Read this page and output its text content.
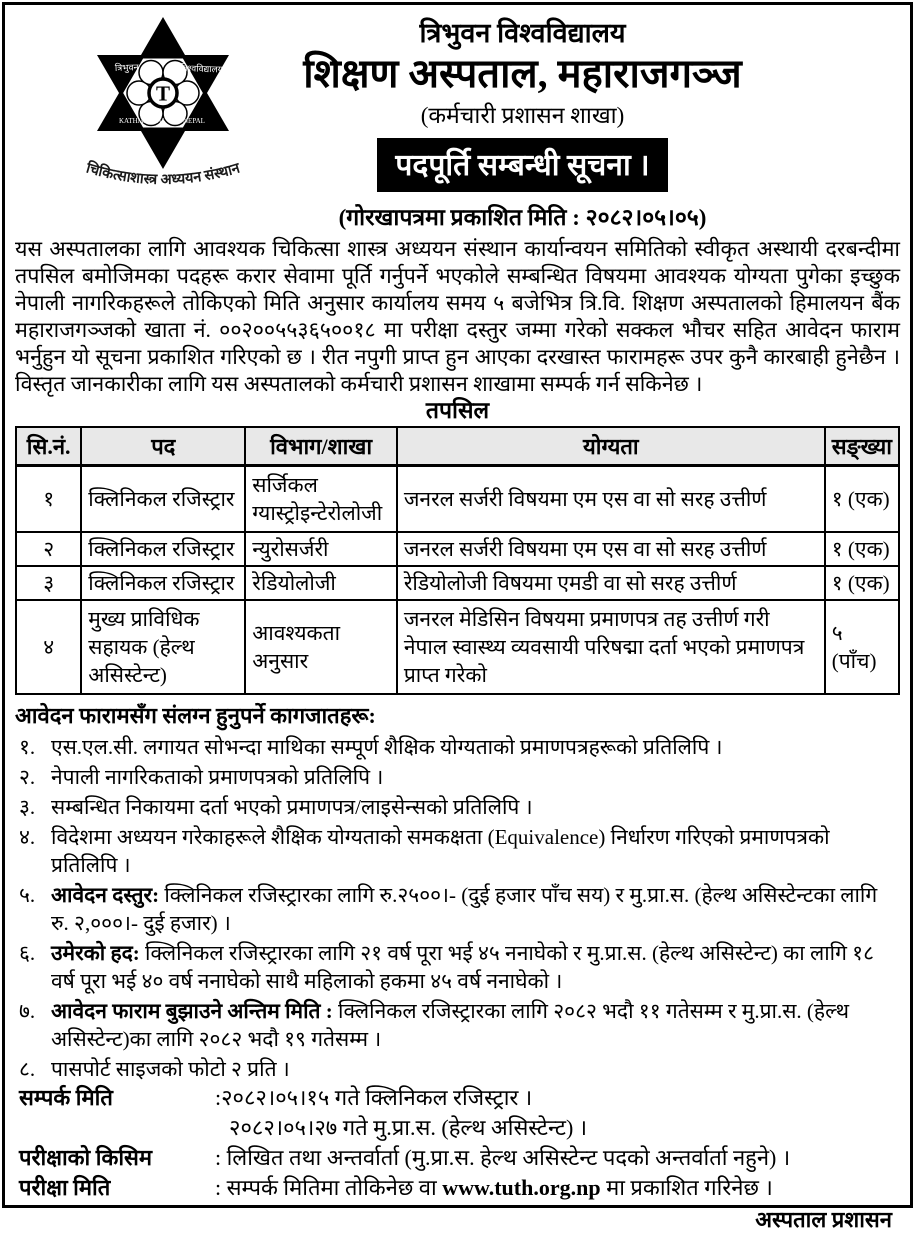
T
त्रिभुवन	विश्वविद्यालय
KATHMANDU	NEPAL
चिकित्साशास्त्र अध्ययन संस्थान
त्रिभुवन विश्वविद्यालय
शिक्षण अस्पताल, महाराजगञ्ज
(कर्मचारी प्रशासन शाखा)
पदपूर्ति सम्बन्धी सूचना ।
(गोरखापत्रमा प्रकाशित मिति : २०८२।०५।०५)
यस अस्पतालका लागि आवश्यक चिकित्सा शास्त्र अध्ययन संस्थान कार्यान्वयन समितिको स्वीकृत अस्थायी दरबन्दीमा तपसिल बमोजिमका पदहरू करार सेवामा पूर्ति गर्नुपर्ने भएकोले सम्बन्धित विषयमा आवश्यक योग्यता पुगेका इच्छुक नेपाली नागरिकहरूले तोकिएको मिति अनुसार कार्यालय समय ५ बजेभित्र त्रि.वि. शिक्षण अस्पतालको हिमालयन बैंक महाराजगञ्जको खाता नं. ००२००५५३६५००१८ मा परीक्षा दस्तुर जम्मा गरेको सक्कल भौचर सहित आवेदन फाराम भर्नुहुन यो सूचना प्रकाशित गरिएको छ । रीत नपुगी प्राप्त हुन आएका दरखास्त फारामहरू उपर कुनै कारबाही हुनेछैन । विस्तृत जानकारीका लागि यस अस्पतालको कर्मचारी प्रशासन शाखामा सम्पर्क गर्न सकिनेछ ।
तपसिल
सि.नं.	पद	विभाग/शाखा	योग्यता	सङ्ख्या
१	क्लिनिकल रजिस्ट्रार	सर्जिकल ग्यास्ट्रोइन्टेरोलोजी	जनरल सर्जरी विषयमा एम एस वा सो सरह उत्तीर्ण	१ (एक)
२	क्लिनिकल रजिस्ट्रार	न्युरोसर्जरी	जनरल सर्जरी विषयमा एम एस वा सो सरह उत्तीर्ण	१ (एक)
३	क्लिनिकल रजिस्ट्रार	रेडियोलोजी	रेडियोलोजी विषयमा एमडी वा सो सरह उत्तीर्ण	१ (एक)
४	मुख्य प्राविधिक सहायक (हेल्थ असिस्टेन्ट)	आवश्यकता अनुसार	जनरल मेडिसिन विषयमा प्रमाणपत्र तह उत्तीर्ण गरी नेपाल स्वास्थ्य व्यवसायी परिषद्मा दर्ता भएको प्रमाणपत्र प्राप्त गरेको	५ (पाँच)
आवेदन फारामसँग संलग्न हुनुपर्ने कागजातहरू:
१. एस.एल.सी. लगायत सोभन्दा माथिका सम्पूर्ण शैक्षिक योग्यताको प्रमाणपत्रहरूको प्रतिलिपि ।
२. नेपाली नागरिकताको प्रमाणपत्रको प्रतिलिपि ।
३. सम्बन्धित निकायमा दर्ता भएको प्रमाणपत्र/लाइसेन्सको प्रतिलिपि ।
४. विदेशमा अध्ययन गरेकाहरूले शैक्षिक योग्यताको समकक्षता (Equivalence) निर्धारण गरिएको प्रमाणपत्रको प्रतिलिपि ।
५. आवेदन दस्तुर: क्लिनिकल रजिस्ट्रारका लागि रु.२५००।- (दुई हजार पाँच सय) र मु.प्रा.स. (हेल्थ असिस्टेन्टका लागि रु. २,०००।- दुई हजार) ।
६. उमेरको हद: क्लिनिकल रजिस्ट्रारका लागि २१ वर्ष पूरा भई ४५ ननाघेको र मु.प्रा.स. (हेल्थ असिस्टेन्ट) का लागि १८ वर्ष पूरा भई ४० वर्ष ननाघेको साथै महिलाको हकमा ४५ वर्ष ननाघेको ।
७. आवेदन फाराम बुझाउने अन्तिम मिति : क्लिनिकल रजिस्ट्रारका लागि २०८२ भदौ ११ गतेसम्म र मु.प्रा.स. (हेल्थ असिस्टेन्ट)का लागि २०८२ भदौ १९ गतेसम्म ।
८. पासपोर्ट साइजको फोटो २ प्रति ।
सम्पर्क मिति	:२०८२।०५।१५ गते क्लिनिकल रजिस्ट्रार ।
२०८२।०५।२७ गते मु.प्रा.स. (हेल्थ असिस्टेन्ट) ।
परीक्षाको किसिम	: लिखित तथा अन्तर्वार्ता (मु.प्रा.स. हेल्थ असिस्टेन्ट पदको अन्तर्वार्ता नहुने) ।
परीक्षा मिति	: सम्पर्क मितिमा तोकिनेछ वा www.tuth.org.np मा प्रकाशित गरिनेछ ।
अस्पताल प्रशासन
